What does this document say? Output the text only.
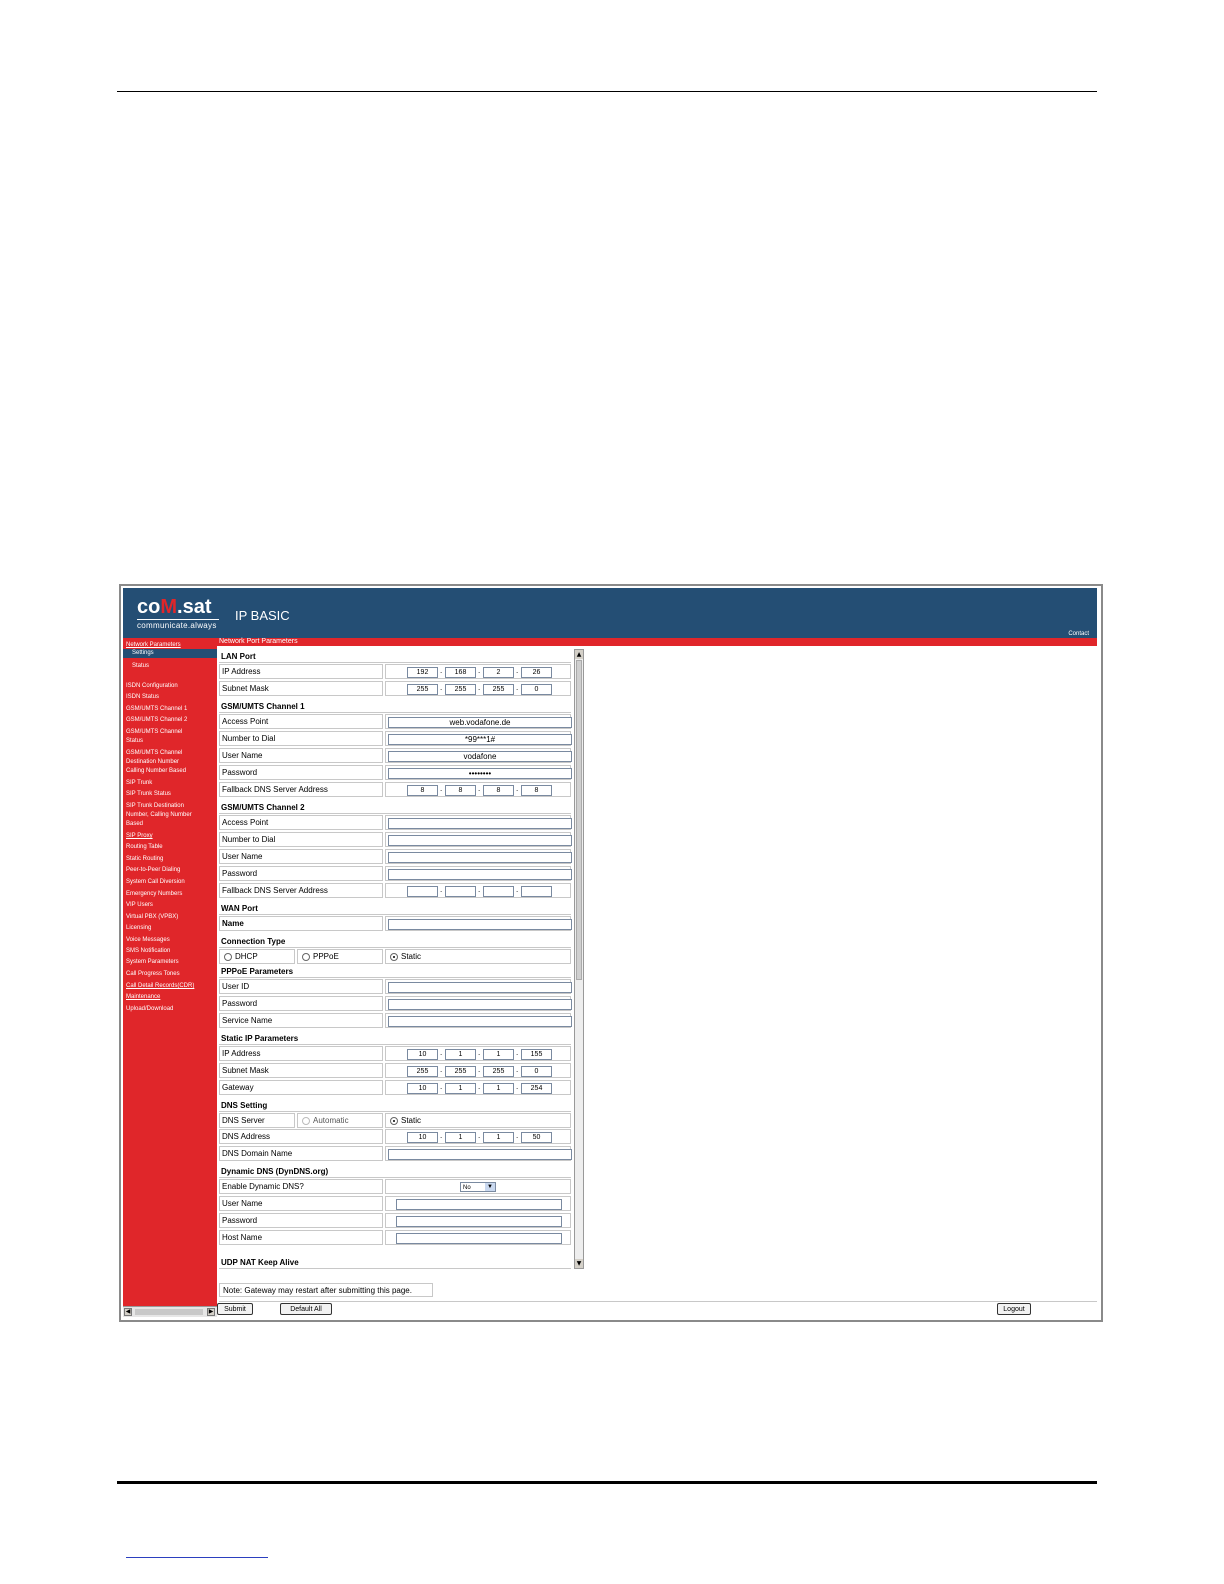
coM.sat
communicate.always
IP BASIC
Contact
Network Port Parameters
Network Parameters
Settings
Status
ISDN Configuration
ISDN Status
GSM/UMTS Channel 1
GSM/UMTS Channel 2
GSM/UMTS Channel
Status
GSM/UMTS Channel
Destination Number
Calling Number Based
SIP Trunk
SIP Trunk Status
SIP Trunk Destination
Number, Calling Number
Based
SIP Proxy
Routing Table
Static Routing
Peer-to-Peer Dialing
System Call Diversion
Emergency Numbers
VIP Users
Virtual PBX (VPBX)
Licensing
Voice Messages
SMS Notification
System Parameters
Call Progress Tones
Call Detail Records(CDR)
Maintenance
Upload/Download
◀	▶
LAN Port
IP Address	192	.	168	.	2	.	26
Subnet Mask	255	.	255	.	255	.	0
GSM/UMTS Channel 1
Access Point	web.vodafone.de
Number to Dial	*99***1#
User Name	vodafone
Password	••••••••
Fallback DNS Server Address	8	.	8	.	8	.	8
GSM/UMTS Channel 2
Access Point
Number to Dial
User Name
Password
Fallback DNS Server Address	.	.	.
WAN Port
Name
Connection Type
DHCP	PPPoE	Static
PPPoE Parameters
User ID
Password
Service Name
Static IP Parameters
IP Address	10	.	1	.	1	.	155
Subnet Mask	255	.	255	.	255	.	0
Gateway	10	.	1	.	1	.	254
DNS Setting
DNS Server	Automatic	Static
DNS Address	10	.	1	.	1	.	50
DNS Domain Name
Dynamic DNS (DynDNS.org)
Enable Dynamic DNS?	No	▼
User Name
Password
Host Name
UDP NAT Keep Alive
▲
▼
Note: Gateway may restart after submitting this page.
Submit	Default All	Logout
